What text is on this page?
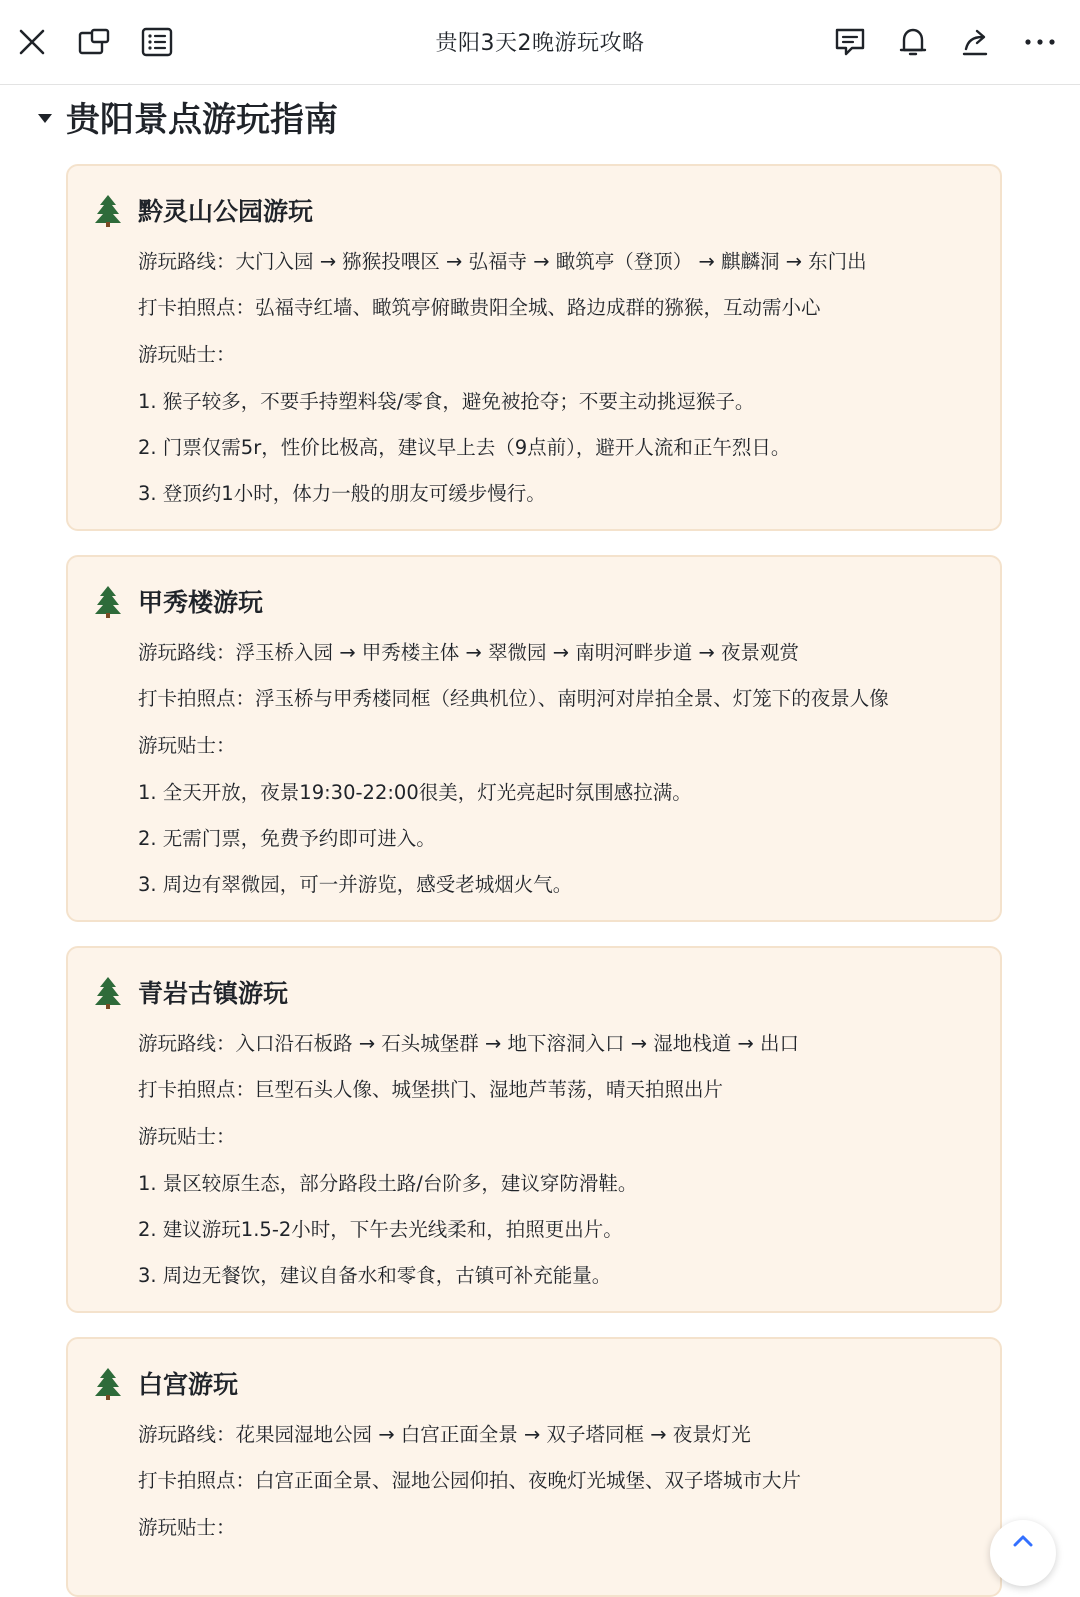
贵阳3天2晚游玩攻略
贵阳景点游玩指南
黔灵山公园游玩
游玩路线：大门入园 → 猕猴投喂区 → 弘福寺 → 瞰筑亭（登顶） → 麒麟洞 → 东门出
打卡拍照点：弘福寺红墙、瞰筑亭俯瞰贵阳全城、路边成群的猕猴，互动需小心
游玩贴士：
1. 猴子较多，不要手持塑料袋/零食，避免被抢夺；不要主动挑逗猴子。
2. 门票仅需5r，性价比极高，建议早上去（9点前），避开人流和正午烈日。
3. 登顶约1小时，体力一般的朋友可缓步慢行。
甲秀楼游玩
游玩路线：浮玉桥入园 → 甲秀楼主体 → 翠微园 → 南明河畔步道 → 夜景观赏
打卡拍照点：浮玉桥与甲秀楼同框（经典机位）、南明河对岸拍全景、灯笼下的夜景人像
游玩贴士：
1. 全天开放，夜景19:30-22:00很美，灯光亮起时氛围感拉满。
2. 无需门票，免费予约即可进入。
3. 周边有翠微园，可一并游览，感受老城烟火气。
青岩古镇游玩
游玩路线：入口沿石板路 → 石头城堡群 → 地下溶洞入口 → 湿地栈道 → 出口
打卡拍照点：巨型石头人像、城堡拱门、湿地芦苇荡，晴天拍照出片
游玩贴士：
1. 景区较原生态，部分路段土路/台阶多，建议穿防滑鞋。
2. 建议游玩1.5-2小时，下午去光线柔和，拍照更出片。
3. 周边无餐饮，建议自备水和零食，古镇可补充能量。
白宫游玩
游玩路线：花果园湿地公园 → 白宫正面全景 → 双子塔同框 → 夜景灯光
打卡拍照点：白宫正面全景、湿地公园仰拍、夜晚灯光城堡、双子塔城市大片
游玩贴士：
